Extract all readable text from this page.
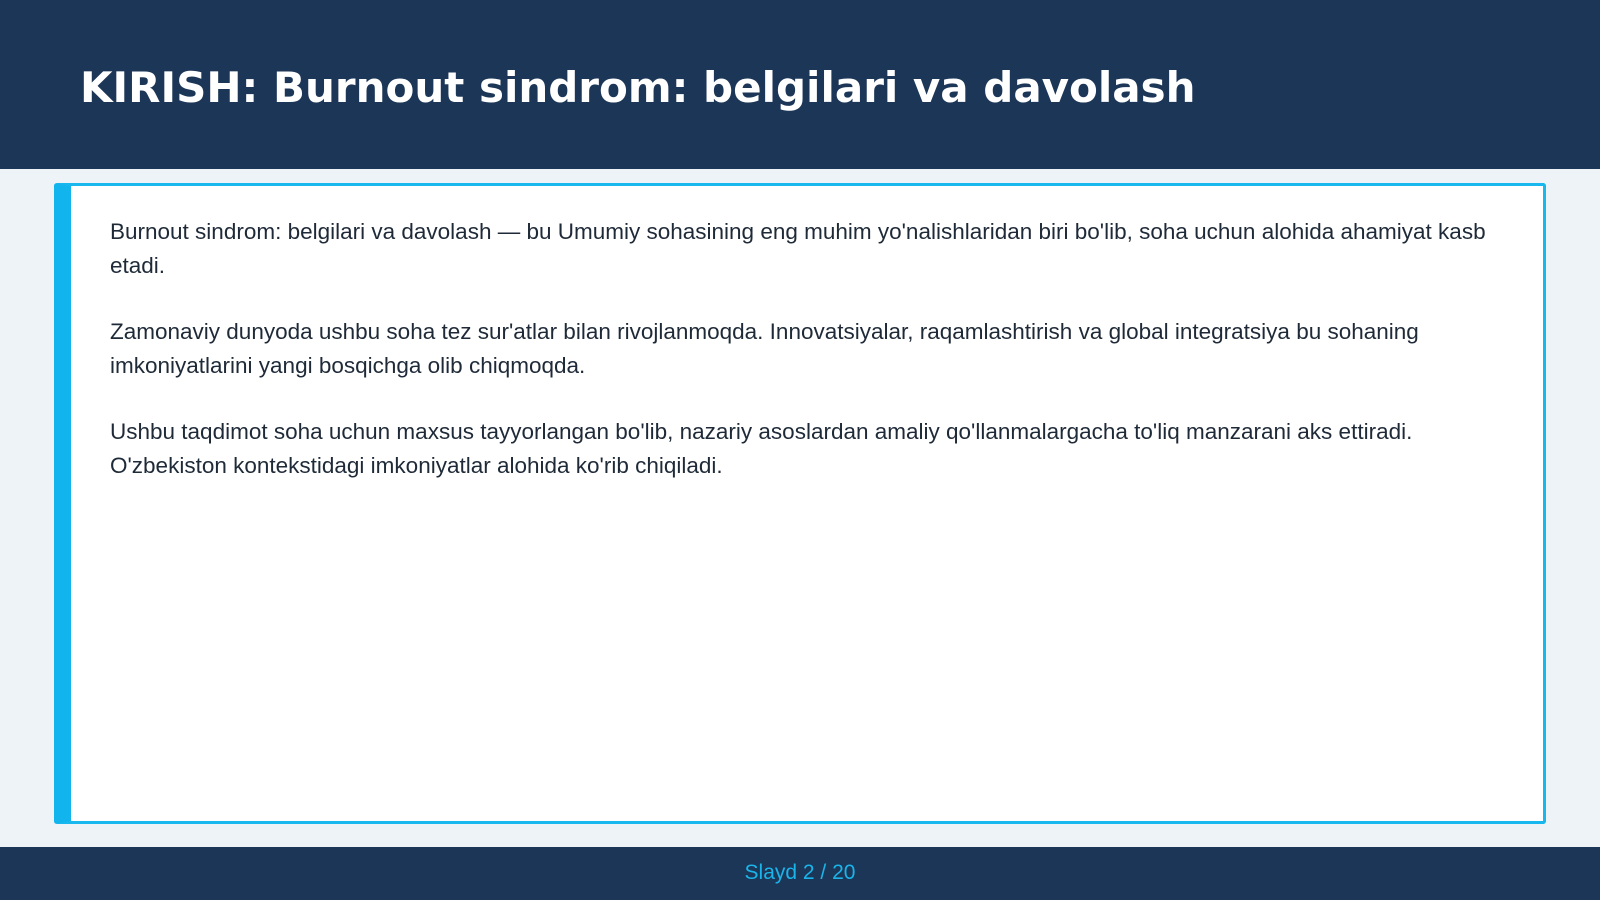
KIRISH: Burnout sindrom: belgilari va davolash

Burnout sindrom: belgilari va davolash — bu Umumiy sohasining eng muhim yo'nalishlaridan biri bo'lib, soha uchun alohida ahamiyat kasb etadi.

Zamonaviy dunyoda ushbu soha tez sur'atlar bilan rivojlanmoqda. Innovatsiyalar, raqamlashtirish va global integratsiya bu sohaning imkoniyatlarini yangi bosqichga olib chiqmoqda.

Ushbu taqdimot soha uchun maxsus tayyorlangan bo'lib, nazariy asoslardan amaliy qo'llanmalargacha to'liq manzarani aks ettiradi. O'zbekiston kontekstidagi imkoniyatlar alohida ko'rib chiqiladi.

Slayd 2 / 20
